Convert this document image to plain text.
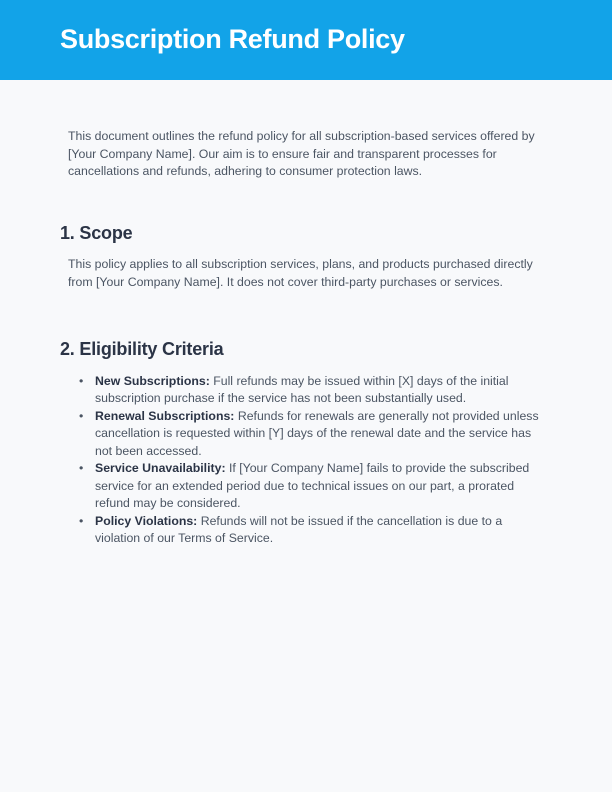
Subscription Refund Policy

This document outlines the refund policy for all subscription-based services offered by [Your Company Name]. Our aim is to ensure fair and transparent processes for cancellations and refunds, adhering to consumer protection laws.

1. Scope

This policy applies to all subscription services, plans, and products purchased directly from [Your Company Name]. It does not cover third-party purchases or services.

2. Eligibility Criteria
• New Subscriptions: Full refunds may be issued within [X] days of the initial subscription purchase if the service has not been substantially used.
• Renewal Subscriptions: Refunds for renewals are generally not provided unless cancellation is requested within [Y] days of the renewal date and the service has not been accessed.
• Service Unavailability: If [Your Company Name] fails to provide the subscribed service for an extended period due to technical issues on our part, a prorated refund may be considered.
• Policy Violations: Refunds will not be issued if the cancellation is due to a violation of our Terms of Service.
